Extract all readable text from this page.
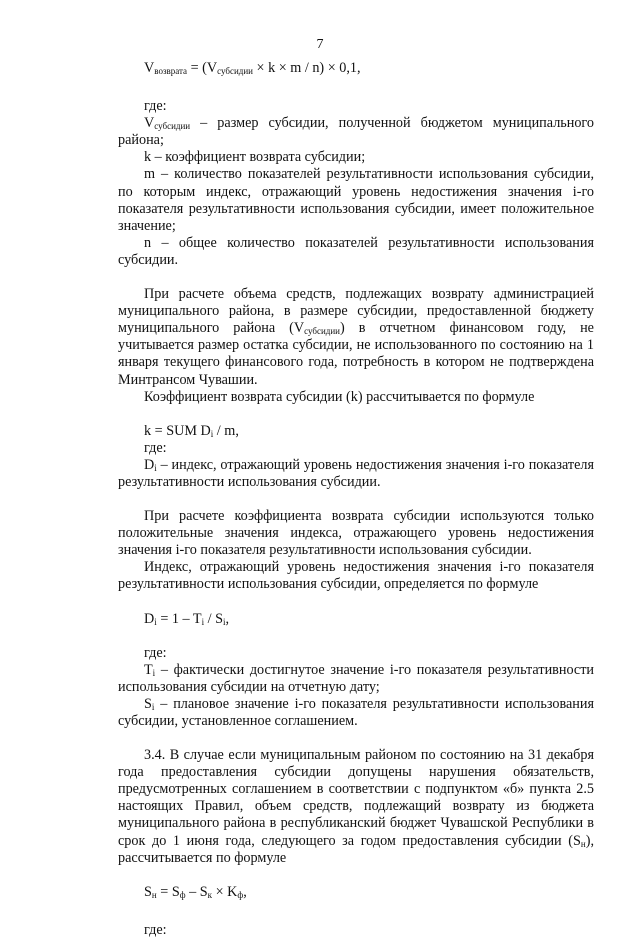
7

$V_{возврата} = (V_{субсидии} \times k \times m / n) \times 0,1$,

где:

$V_{субсидии}$ – размер субсидии, полученной бюджетом муниципального района;

k – коэффициент возврата субсидии;

m – количество показателей результативности использования субсидии, по которым индекс, отражающий уровень недостижения значения i-го показателя результативности использования субсидии, имеет положительное значение;

n – общее количество показателей результативности использования субсидии.

При расчете объема средств, подлежащих возврату администрацией муниципального района, в размере субсидии, предоставленной бюджету муниципального района $(V_{субсидии})$ в отчетном финансовом году, не учитывается размер остатка субсидии, не использованного по состоянию на 1 января текущего финансового года, потребность в котором не подтверждена Минтрансом Чувашии.

Коэффициент возврата субсидии (k) рассчитывается по формуле

k = SUM $D_i$ / m,

где:

$D_i$ – индекс, отражающий уровень недостижения значения i-го показателя результативности использования субсидии.

При расчете коэффициента возврата субсидии используются только положительные значения индекса, отражающего уровень недостижения значения i-го показателя результативности использования субсидии.

Индекс, отражающий уровень недостижения значения i-го показателя результативности использования субсидии, определяется по формуле

$D_i = 1 - T_i / S_i$,

где:

$T_i$ – фактически достигнутое значение i-го показателя результативности использования субсидии на отчетную дату;

$S_i$ – плановое значение i-го показателя результативности использования субсидии, установленное соглашением.

3.4. В случае если муниципальным районом по состоянию на 31 декабря года предоставления субсидии допущены нарушения обязательств, предусмотренных соглашением в соответствии с подпунктом «б» пункта 2.5 настоящих Правил, объем средств, подлежащий возврату из бюджета муниципального района в республиканский бюджет Чувашской Республики в срок до 1 июня года, следующего за годом предоставления субсидии $(S_н)$, рассчитывается по формуле

$S_н = S_ф - S_к \times K_ф$,

где:
